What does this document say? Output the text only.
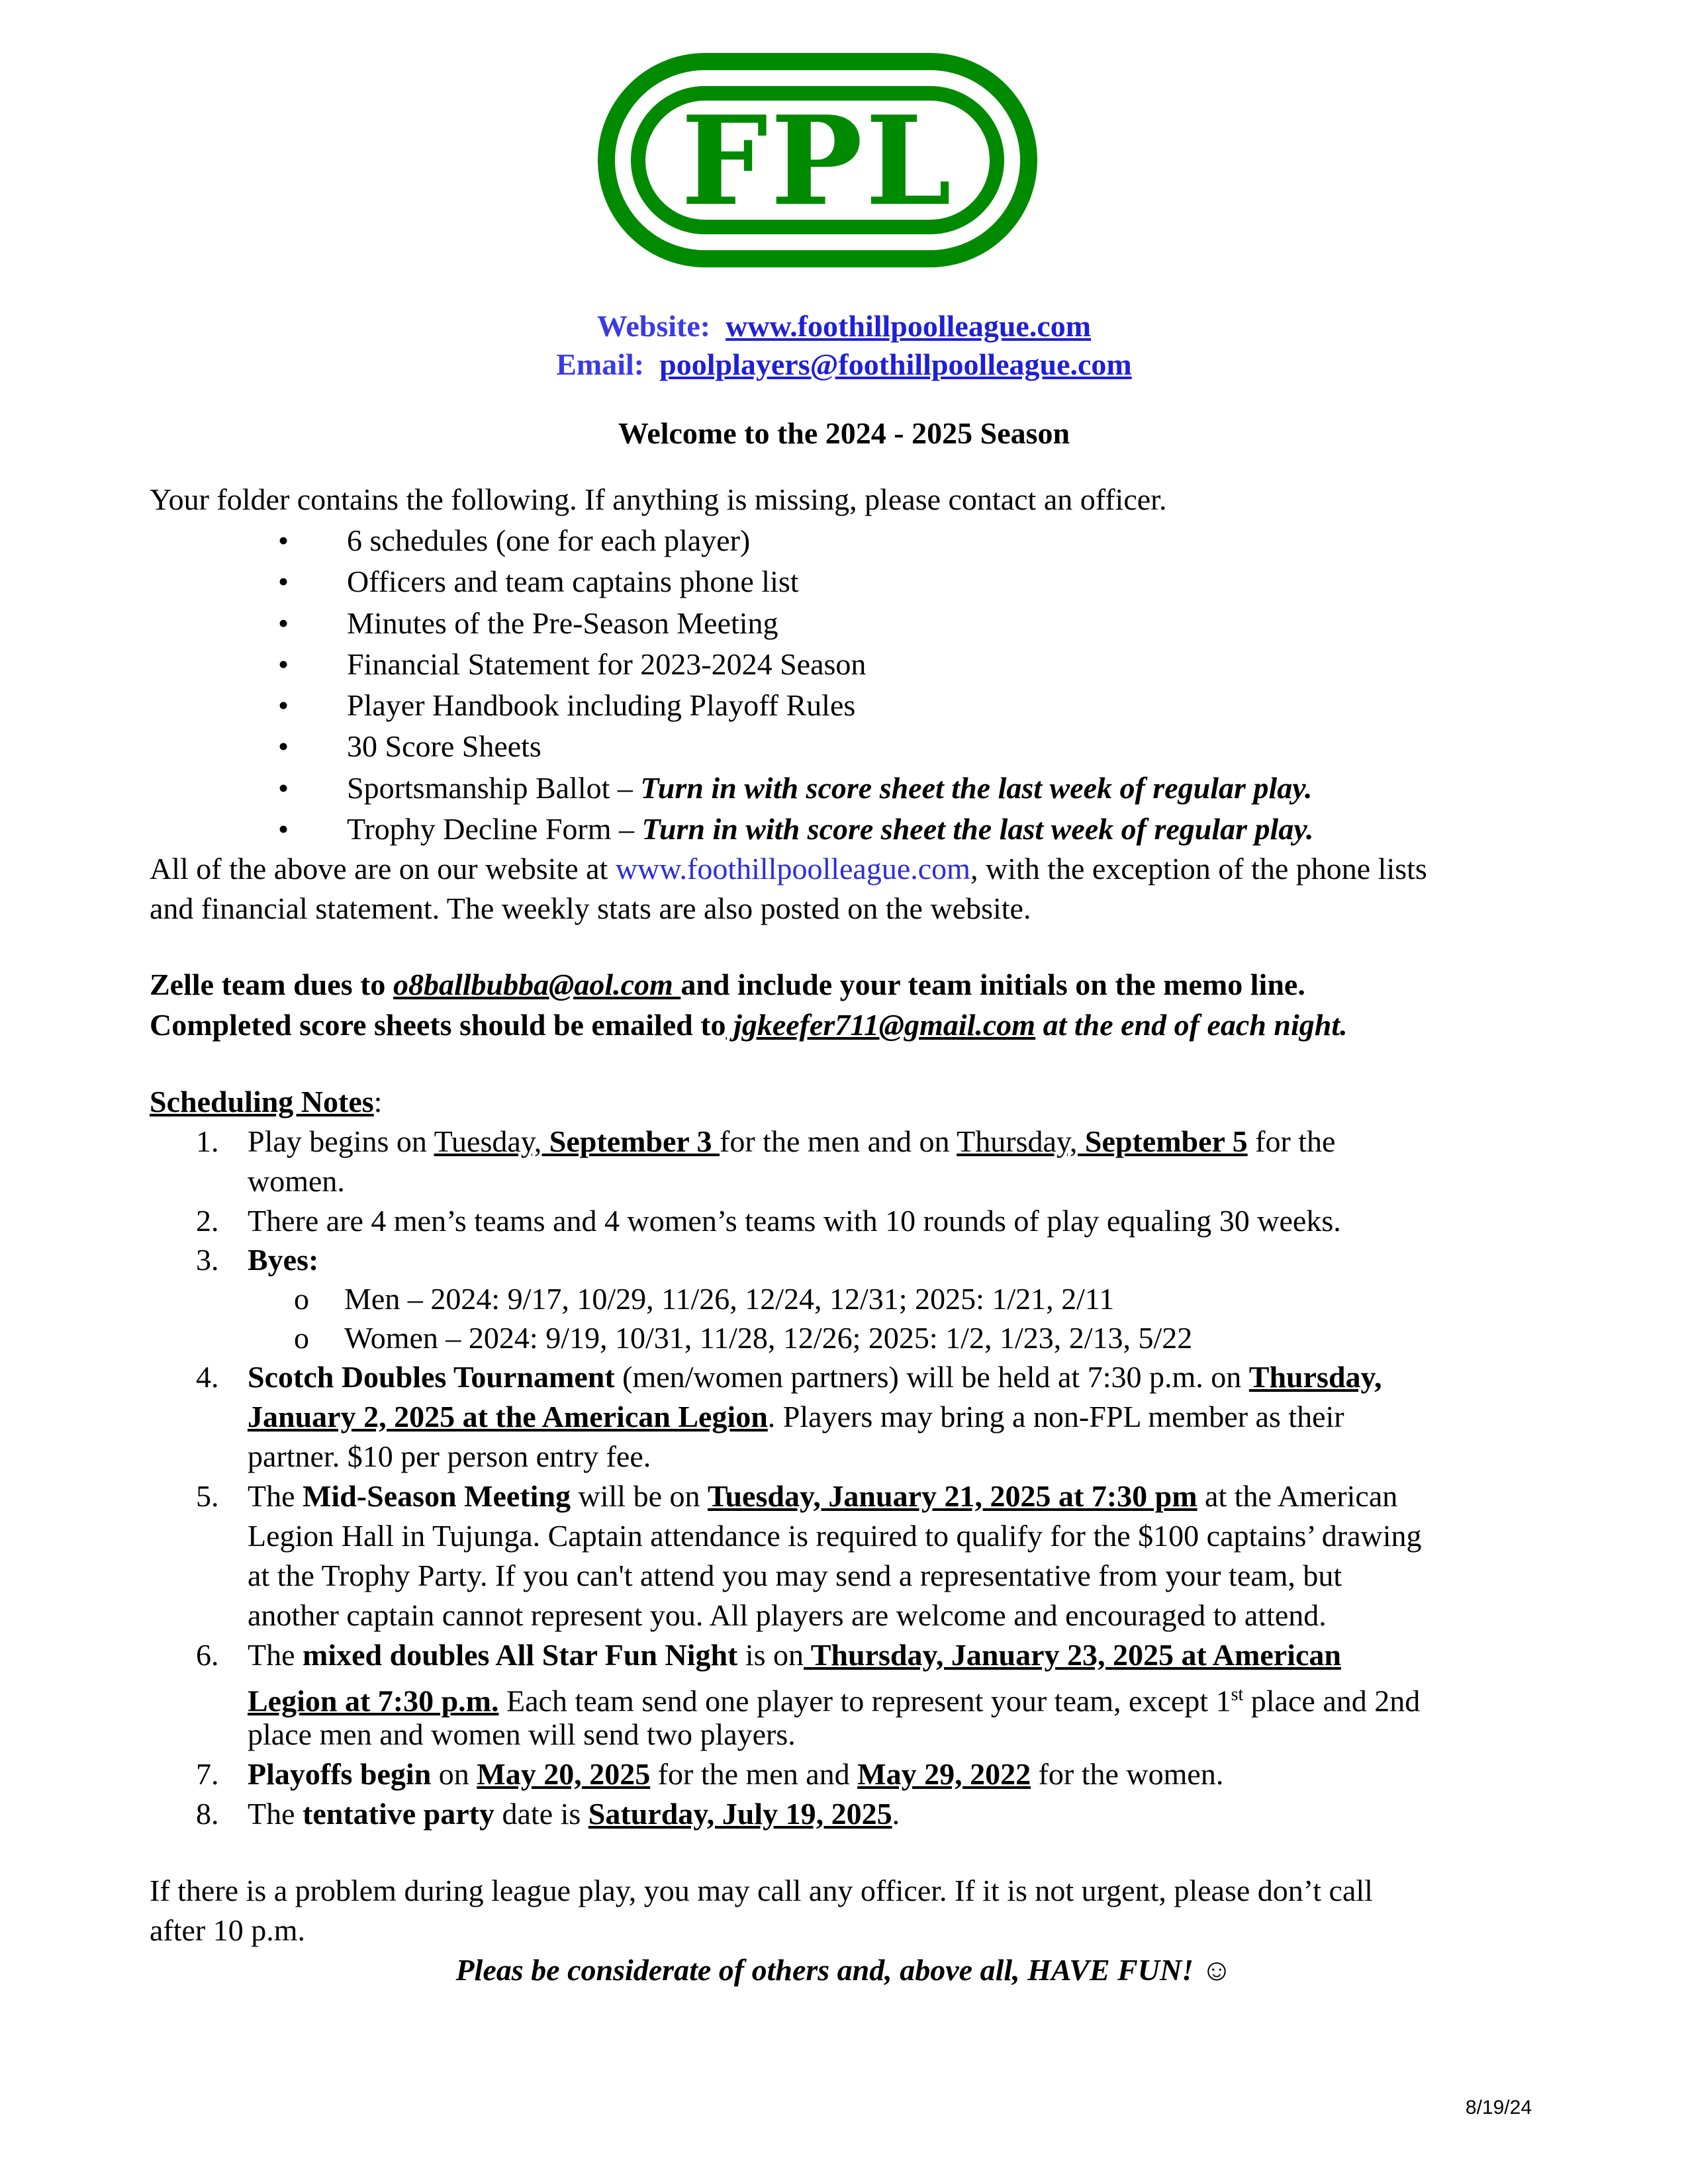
FPL
Website: www.foothillpoolleague.com
Email: poolplayers@foothillpoolleague.com
Welcome to the 2024 - 2025 Season
Your folder contains the following. If anything is missing, please contact an officer.
• 6 schedules (one for each player)
• Officers and team captains phone list
• Minutes of the Pre-Season Meeting
• Financial Statement for 2023-2024 Season
• Player Handbook including Playoff Rules
• 30 Score Sheets
• Sportsmanship Ballot – Turn in with score sheet the last week of regular play.
• Trophy Decline Form – Turn in with score sheet the last week of regular play.
All of the above are on our website at www.foothillpoolleague.com, with the exception of the phone lists
and financial statement. The weekly stats are also posted on the website.
Zelle team dues to o8ballbubba@aol.com and include your team initials on the memo line.
Completed score sheets should be emailed to jgkeefer711@gmail.com at the end of each night.
Scheduling Notes:
1. Play begins on Tuesday, September 3 for the men and on Thursday, September 5 for the
women.
2. There are 4 men’s teams and 4 women’s teams with 10 rounds of play equaling 30 weeks.
3. Byes:
o Men – 2024: 9/17, 10/29, 11/26, 12/24, 12/31; 2025: 1/21, 2/11
o Women – 2024: 9/19, 10/31, 11/28, 12/26; 2025: 1/2, 1/23, 2/13, 5/22
4. Scotch Doubles Tournament (men/women partners) will be held at 7:30 p.m. on Thursday,
January 2, 2025 at the American Legion. Players may bring a non-FPL member as their
partner. $10 per person entry fee.
5. The Mid-Season Meeting will be on Tuesday, January 21, 2025 at 7:30 pm at the American
Legion Hall in Tujunga. Captain attendance is required to qualify for the $100 captains’ drawing
at the Trophy Party. If you can't attend you may send a representative from your team, but
another captain cannot represent you. All players are welcome and encouraged to attend.
6. The mixed doubles All Star Fun Night is on Thursday, January 23, 2025 at American
Legion at 7:30 p.m. Each team send one player to represent your team, except 1st place and 2nd
place men and women will send two players.
7. Playoffs begin on May 20, 2025 for the men and May 29, 2022 for the women.
8. The tentative party date is Saturday, July 19, 2025.
If there is a problem during league play, you may call any officer. If it is not urgent, please don’t call
after 10 p.m.
Pleas be considerate of others and, above all, HAVE FUN! ☺
8/19/24
